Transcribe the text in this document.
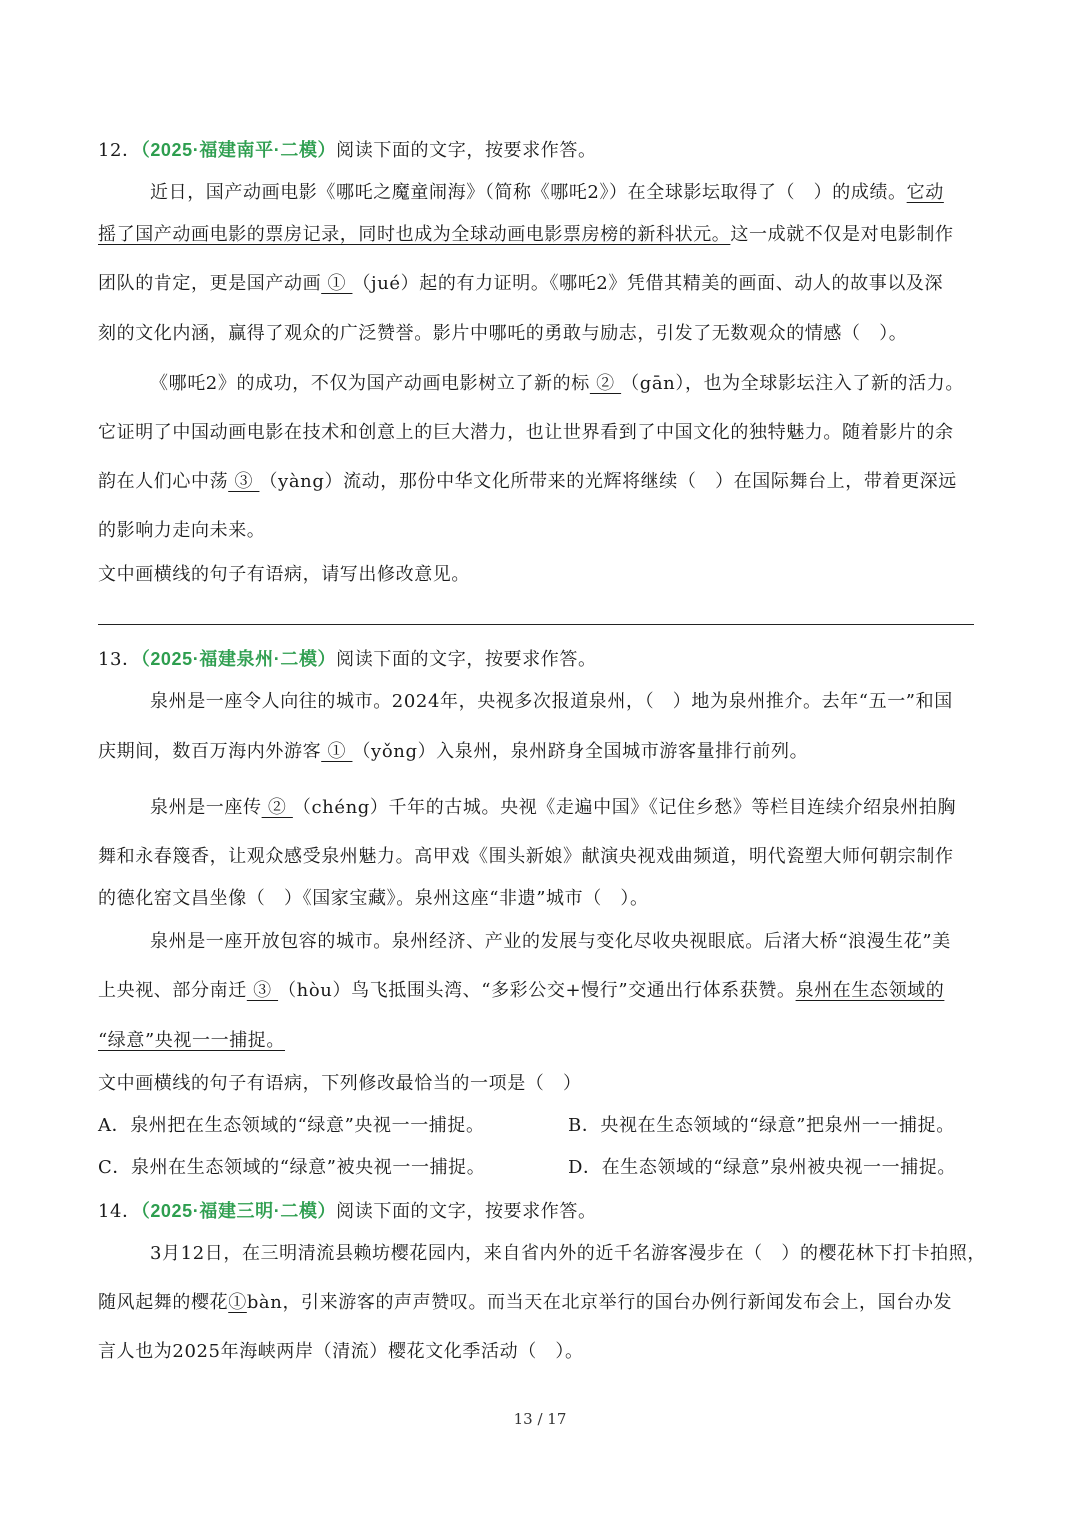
12．（2025·福建南平·二模）阅读下面的文字，按要求作答。
近日，国产动画电影《哪吒之魔童闹海》（简称《哪吒2》）在全球影坛取得了（　）的成绩。它动
摇了国产动画电影的票房记录，同时也成为全球动画电影票房榜的新科状元。这一成就不仅是对电影制作
团队的肯定，更是国产动画 ① （jué）起的有力证明。《哪吒2》凭借其精美的画面、动人的故事以及深
刻的文化内涵，赢得了观众的广泛赞誉。影片中哪吒的勇敢与励志，引发了无数观众的情感（　）。
《哪吒2》的成功，不仅为国产动画电影树立了新的标 ② （gān），也为全球影坛注入了新的活力。
它证明了中国动画电影在技术和创意上的巨大潜力，也让世界看到了中国文化的独特魅力。随着影片的余
韵在人们心中荡 ③ （yàng）流动，那份中华文化所带来的光辉将继续（　）在国际舞台上，带着更深远
的影响力走向未来。
文中画横线的句子有语病，请写出修改意见。
13．（2025·福建泉州·二模）阅读下面的文字，按要求作答。
泉州是一座令人向往的城市。2024年，央视多次报道泉州，（　）地为泉州推介。去年“五一”和国
庆期间，数百万海内外游客 ① （yǒng）入泉州，泉州跻身全国城市游客量排行前列。
泉州是一座传 ② （chéng）千年的古城。央视《走遍中国》《记住乡愁》等栏目连续介绍泉州拍胸
舞和永春篾香，让观众感受泉州魅力。高甲戏《围头新娘》献演央视戏曲频道，明代瓷塑大师何朝宗制作
的德化窑文昌坐像（　）《国家宝藏》。泉州这座“非遗”城市（　）。
泉州是一座开放包容的城市。泉州经济、产业的发展与变化尽收央视眼底。后渚大桥“浪漫生花”美
上央视、部分南迁 ③ （hòu）鸟飞抵围头湾、“多彩公交+慢行”交通出行体系获赞。泉州在生态领域的
“绿意”央视一一捕捉。
文中画横线的句子有语病，下列修改最恰当的一项是（　）
A．泉州把在生态领域的“绿意”央视一一捕捉。	B．央视在生态领域的“绿意”把泉州一一捕捉。
C．泉州在生态领域的“绿意”被央视一一捕捉。	D．在生态领域的“绿意”泉州被央视一一捕捉。
14．（2025·福建三明·二模）阅读下面的文字，按要求作答。
3月12日，在三明清流县赖坊樱花园内，来自省内外的近千名游客漫步在（　）的樱花林下打卡拍照，
随风起舞的樱花①bàn，引来游客的声声赞叹。而当天在北京举行的国台办例行新闻发布会上，国台办发
言人也为2025年海峡两岸（清流）樱花文化季活动（　）。
13 / 17
